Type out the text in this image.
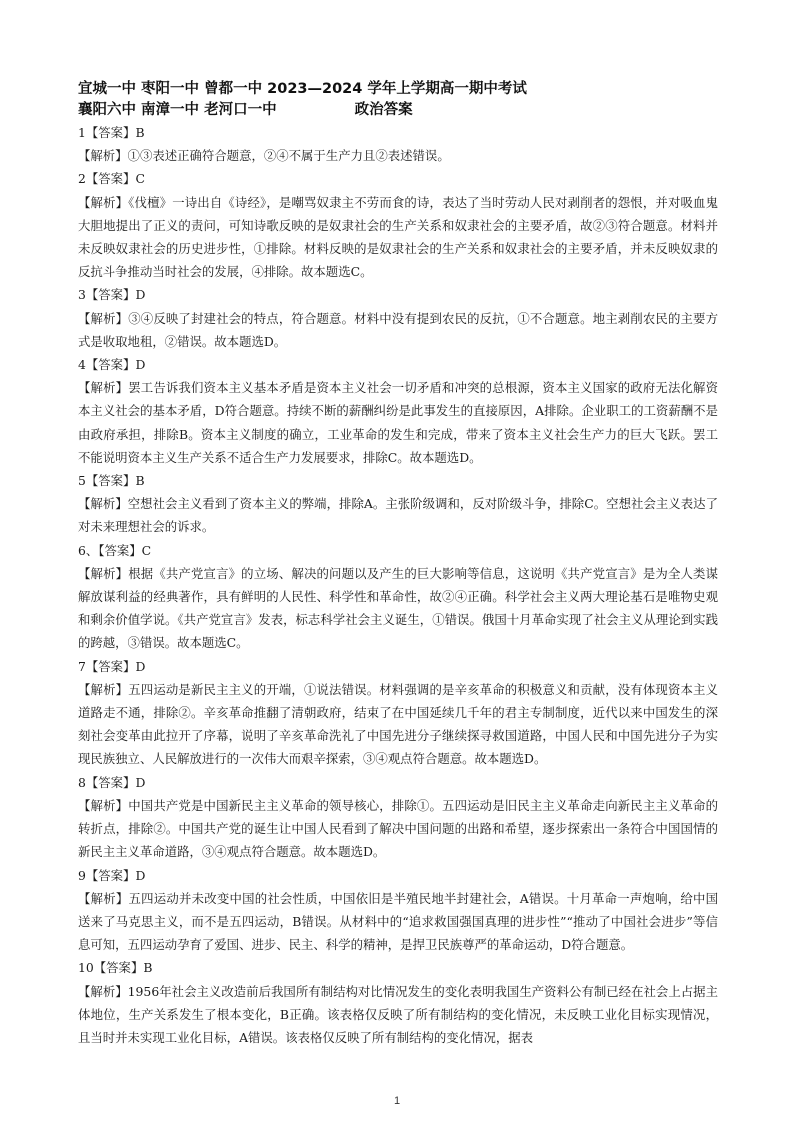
宜城一中 枣阳一中 曾都一中 2023—2024 学年上学期高一期中考试
襄阳六中 南漳一中 老河口一中	政治答案

1【答案】B

【解析】①③表述正确符合题意，②④不属于生产力且②表述错误。

2【答案】C

【解析】《伐檀》一诗出自《诗经》，是嘲骂奴隶主不劳而食的诗，表达了当时劳动人民对剥削者的怨恨，并对吸血鬼大胆地提出了正义的责问，可知诗歌反映的是奴隶社会的生产关系和奴隶社会的主要矛盾，故②③符合题意。材料并未反映奴隶社会的历史进步性，①排除。材料反映的是奴隶社会的生产关系和奴隶社会的主要矛盾，并未反映奴隶的反抗斗争推动当时社会的发展，④排除。故本题选C。

3【答案】D

【解析】③④反映了封建社会的特点，符合题意。材料中没有提到农民的反抗，①不合题意。地主剥削农民的主要方式是收取地租，②错误。故本题选D。

4【答案】D

【解析】罢工告诉我们资本主义基本矛盾是资本主义社会一切矛盾和冲突的总根源，资本主义国家的政府无法化解资本主义社会的基本矛盾，D符合题意。持续不断的薪酬纠纷是此事发生的直接原因，A排除。企业职工的工资薪酬不是由政府承担，排除B。资本主义制度的确立，工业革命的发生和完成，带来了资本主义社会生产力的巨大飞跃。罢工不能说明资本主义生产关系不适合生产力发展要求，排除C。故本题选D。

5【答案】B

【解析】空想社会主义看到了资本主义的弊端，排除A。主张阶级调和，反对阶级斗争，排除C。空想社会主义表达了对未来理想社会的诉求。

6、【答案】C

【解析】根据《共产党宣言》的立场、解决的问题以及产生的巨大影响等信息，这说明《共产党宣言》是为全人类谋解放谋利益的经典著作，具有鲜明的人民性、科学性和革命性，故②④正确。科学社会主义两大理论基石是唯物史观和剩余价值学说。《共产党宣言》发表，标志科学社会主义诞生，①错误。俄国十月革命实现了社会主义从理论到实践的跨越，③错误。故本题选C。

7【答案】D

【解析】五四运动是新民主主义的开端，①说法错误。材料强调的是辛亥革命的积极意义和贡献，没有体现资本主义道路走不通，排除②。辛亥革命推翻了清朝政府，结束了在中国延续几千年的君主专制制度，近代以来中国发生的深刻社会变革由此拉开了序幕，说明了辛亥革命洗礼了中国先进分子继续探寻救国道路，中国人民和中国先进分子为实现民族独立、人民解放进行的一次伟大而艰辛探索，③④观点符合题意。故本题选D。

8【答案】D

【解析】中国共产党是中国新民主主义革命的领导核心，排除①。五四运动是旧民主主义革命走向新民主主义革命的转折点，排除②。中国共产党的诞生让中国人民看到了解决中国问题的出路和希望，逐步探索出一条符合中国国情的新民主主义革命道路，③④观点符合题意。故本题选D。

9【答案】D

【解析】五四运动并未改变中国的社会性质，中国依旧是半殖民地半封建社会，A错误。十月革命一声炮响，给中国送来了马克思主义，而不是五四运动，B错误。从材料中的“追求救国强国真理的进步性”“推动了中国社会进步”等信息可知，五四运动孕育了爱国、进步、民主、科学的精神，是捍卫民族尊严的革命运动，D符合题意。

10【答案】B

【解析】1956年社会主义改造前后我国所有制结构对比情况发生的变化表明我国生产资料公有制已经在社会上占据主体地位，生产关系发生了根本变化，B正确。该表格仅反映了所有制结构的变化情况，未反映工业化目标实现情况，且当时并未实现工业化目标，A错误。该表格仅反映了所有制结构的变化情况，据表

1
